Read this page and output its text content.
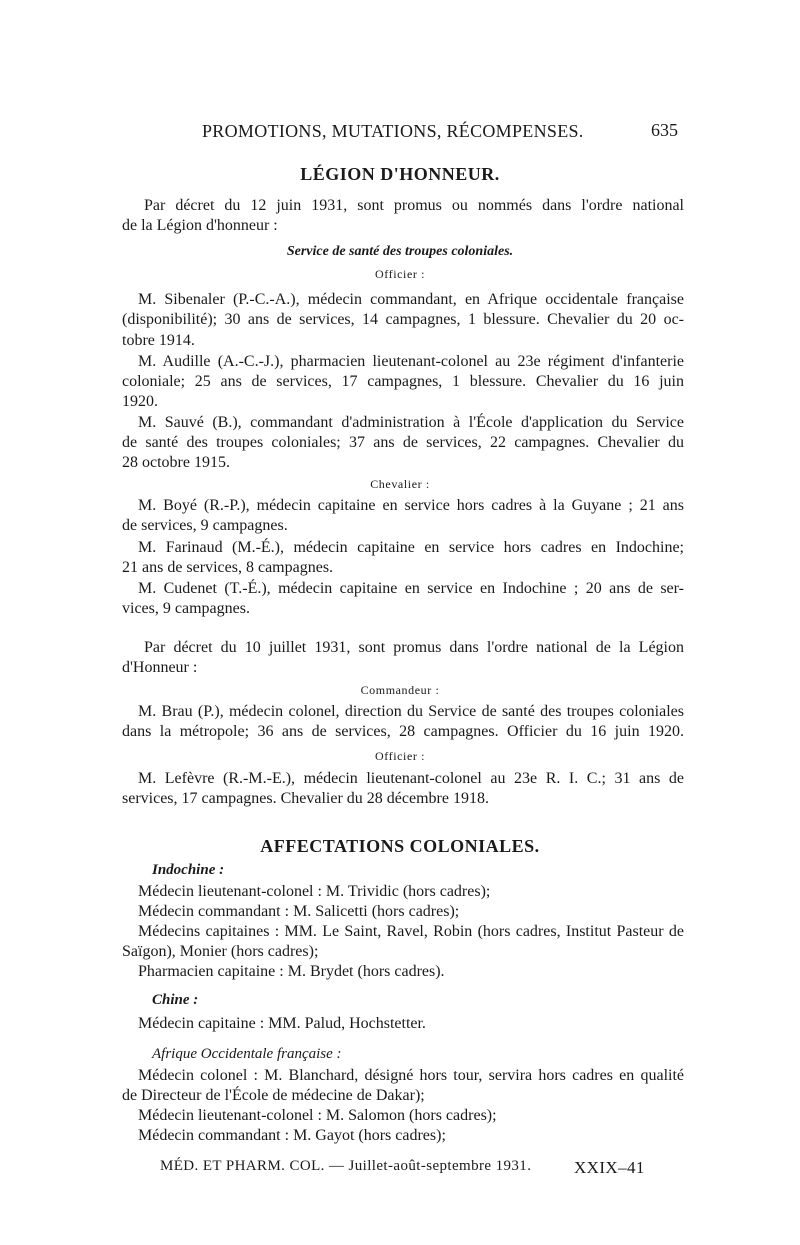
PROMOTIONS, MUTATIONS, RÉCOMPENSES.	635
LÉGION D'HONNEUR.
Par décret du 12 juin 1931, sont promus ou nommés dans l'ordre national
de la Légion d'honneur :
Service de santé des troupes coloniales.
Officier :
M. Sibenaler (P.-C.-A.), médecin commandant, en Afrique occidentale française
(disponibilité); 30 ans de services, 14 campagnes, 1 blessure. Chevalier du 20 oc-
tobre 1914.
M. Audille (A.-C.-J.), pharmacien lieutenant-colonel au 23e régiment d'infanterie
coloniale; 25 ans de services, 17 campagnes, 1 blessure. Chevalier du 16 juin
1920.
M. Sauvé (B.), commandant d'administration à l'École d'application du Service
de santé des troupes coloniales; 37 ans de services, 22 campagnes. Chevalier du
28 octobre 1915.
Chevalier :
M. Boyé (R.-P.), médecin capitaine en service hors cadres à la Guyane ; 21 ans
de services, 9 campagnes.
M. Farinaud (M.-É.), médecin capitaine en service hors cadres en Indochine;
21 ans de services, 8 campagnes.
M. Cudenet (T.-É.), médecin capitaine en service en Indochine ; 20 ans de ser-
vices, 9 campagnes.
Par décret du 10 juillet 1931, sont promus dans l'ordre national de la Légion
d'Honneur :
Commandeur :
M. Brau (P.), médecin colonel, direction du Service de santé des troupes coloniales
dans la métropole; 36 ans de services, 28 campagnes. Officier du 16 juin 1920.
Officier :
M. Lefèvre (R.-M.-E.), médecin lieutenant-colonel au 23e R. I. C.; 31 ans de
services, 17 campagnes. Chevalier du 28 décembre 1918.
AFFECTATIONS COLONIALES.
Indochine :
Médecin lieutenant-colonel : M. Trividic (hors cadres);
Médecin commandant : M. Salicetti (hors cadres);
Médecins capitaines : MM. Le Saint, Ravel, Robin (hors cadres, Institut Pasteur de
Saïgon), Monier (hors cadres);
Pharmacien capitaine : M. Brydet (hors cadres).
Chine :
Médecin capitaine : MM. Palud, Hochstetter.
Afrique Occidentale française :
Médecin colonel : M. Blanchard, désigné hors tour, servira hors cadres en qualité
de Directeur de l'École de médecine de Dakar);
Médecin lieutenant-colonel : M. Salomon (hors cadres);
Médecin commandant : M. Gayot (hors cadres);
MÉD. ET PHARM. COL. — Juillet-août-septembre 1931.	XXIX–41
